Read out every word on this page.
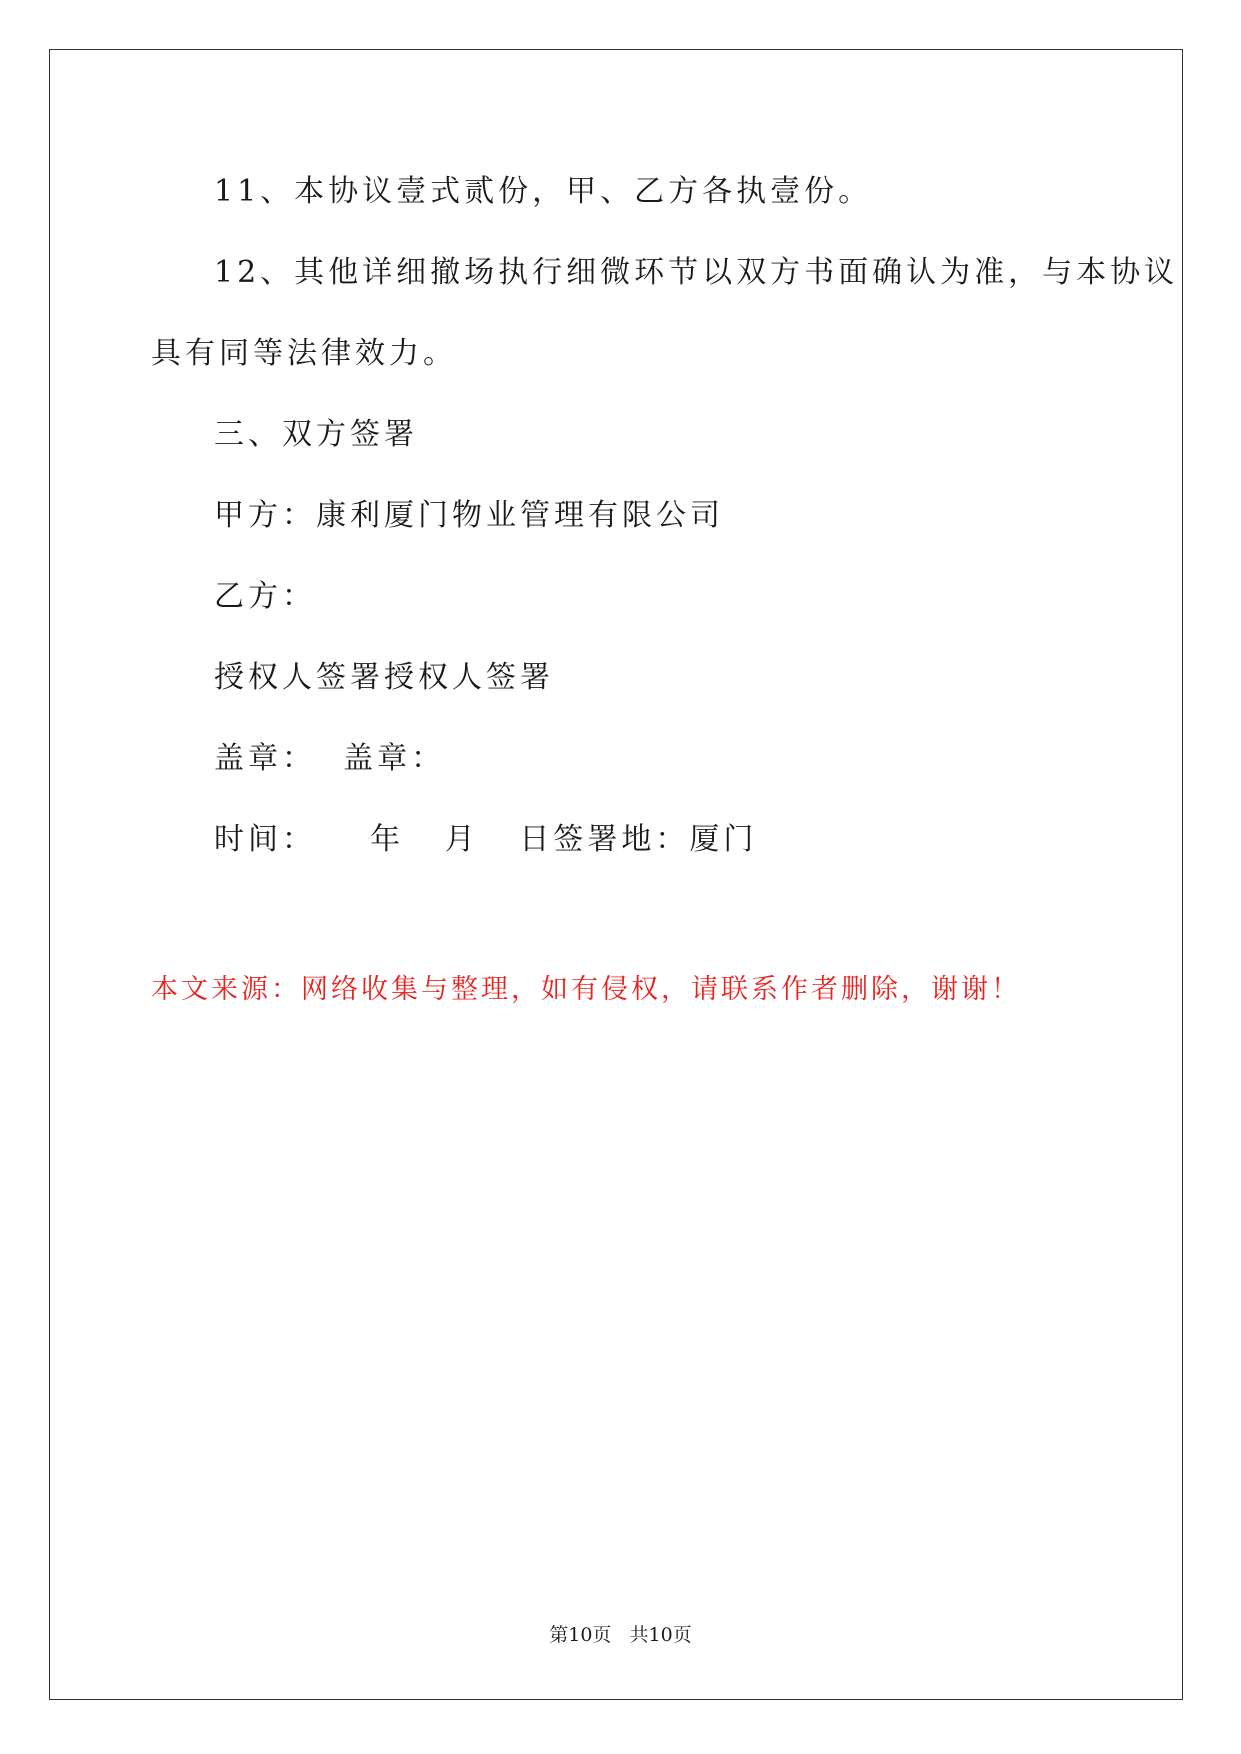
11、本协议壹式贰份，甲、乙方各执壹份。
12、其他详细撤场执行细微环节以双方书面确认为准，与本协议
具有同等法律效力。
三、双方签署
甲方：康利厦门物业管理有限公司
乙方：
授权人签署授权人签署
盖章：  盖章：
时间：    年   月   日签署地：厦门
本文来源：网络收集与整理，如有侵权，请联系作者删除，谢谢！
第10页   共10页
